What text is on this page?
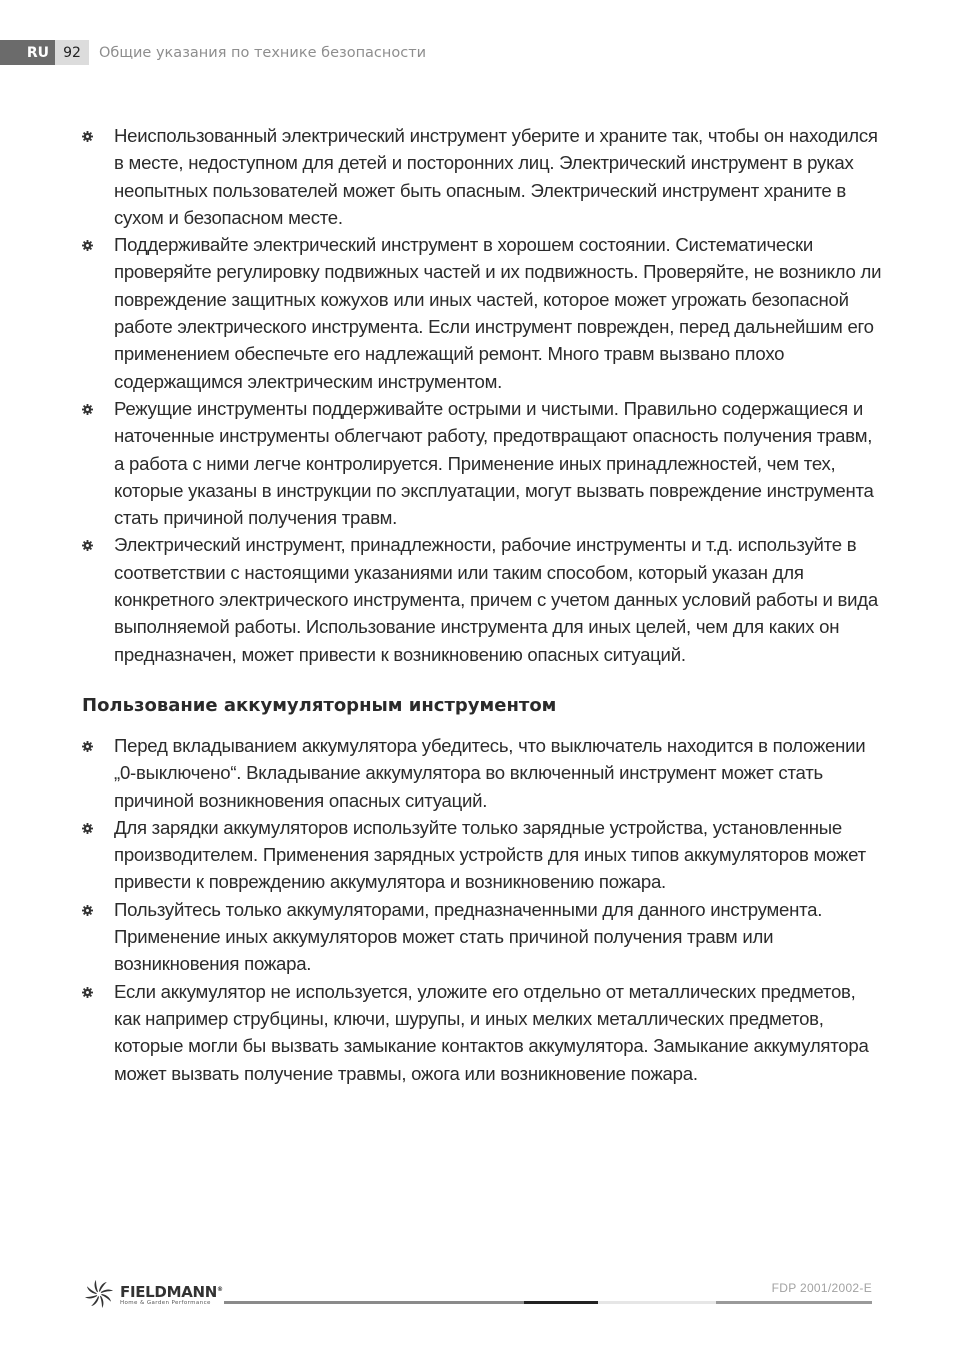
RU	92	Общие указания по технике безопасности
Неиспользованный электрический инструмент уберите и храните так, чтобы он находился в месте, недоступном для детей и посторонних лиц. Электрический инструмент в руках неопытных пользователей может быть опасным. Электрический инструмент храните в сухом и безопасном месте.
Поддерживайте электрический инструмент в хорошем состоянии. Систематически проверяйте регулировку подвижных частей и их подвижность. Проверяйте, не возникло ли повреждение защитных кожухов или иных частей, которое может угрожать безопасной работе электрического инструмента. Если инструмент поврежден, перед дальнейшим его применением обеспечьте его надлежащий ремонт. Много травм вызвано плохо содержащимся электрическим инструментом.
Режущие инструменты поддерживайте острыми и чистыми. Правильно содержащиеся и наточенные инструменты облегчают работу, предотвращают опасность получения травм, а работа с ними легче контролируется. Применение иных принадлежностей, чем тех, которые указаны в инструкции по эксплуатации, могут вызвать повреждение инструмента стать причиной получения травм.
Электрический инструмент, принадлежности, рабочие инструменты и т.д. используйте в соответствии с настоящими указаниями или таким способом, который указан для конкретного электрического инструмента, причем с учетом данных условий работы и вида выполняемой работы. Использование инструмента для иных целей, чем для каких он предназначен, может привести к возникновению опасных ситуаций.
Пользование аккумуляторным инструментом
Перед вкладыванием аккумулятора убедитесь, что выключатель находится в положении „0-выключено“. Вкладывание аккумулятора во включенный инструмент может стать причиной возникновения опасных ситуаций.
Для зарядки аккумуляторов используйте только зарядные устройства, установленные производителем. Применения зарядных устройств для иных типов аккумуляторов может привести к повреждению аккумулятора и возникновению пожара.
Пользуйтесь только аккумуляторами, предназначенными для данного инструмента. Применение иных аккумуляторов может стать причиной получения травм или возникновения пожара.
Если аккумулятор не используется, уложите его отдельно от металлических предметов, как например струбцины, ключи, шурупы, и иных мелких металлических предметов, которые могли бы вызвать замыкание контактов аккумулятора. Замыкание аккумулятора может вызвать получение травмы, ожога или возникновение пожара.
FIELDMANN®
Home & Garden Performance
FDP 2001/2002-E
